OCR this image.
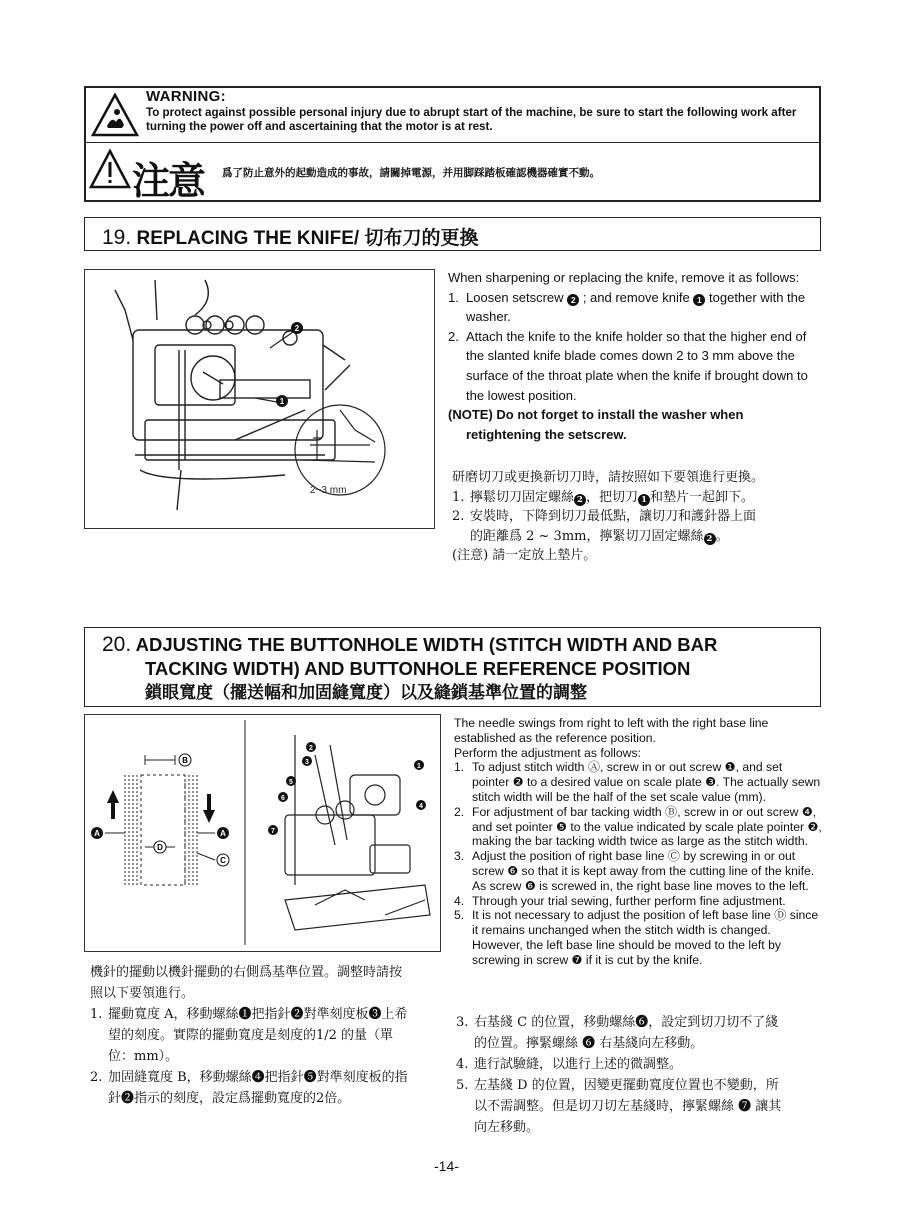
WARNING:
To protect against possible personal injury due to abrupt start of the machine, be sure to start the following work after turning the power off and ascertaining that the motor is at rest.
注意 爲了防止意外的起動造成的事故，請關掉電源，并用脚踩踏板確認機器確實不動。
19. REPLACING THE KNIFE/ 切布刀的更換
2
1
2~3 mm
When sharpening or replacing the knife, remove it as follows:
1. Loosen setscrew 2 ; and remove knife 1 together with the washer.
2. Attach the knife to the knife holder so that the higher end of the slanted knife blade comes down 2 to 3 mm above the surface of the throat plate when the knife if brought down to the lowest position.
(NOTE) Do not forget to install the washer when retightening the setscrew.
研磨切刀或更換新切刀時，請按照如下要領進行更換。
1. 擰鬆切刀固定螺絲 2 ，把切刀 1 和墊片一起卸下。
2. 安裝時，下降到切刀最低點，讓切刀和護針器上面
的距離爲 2 ~ 3mm，擰緊切刀固定螺絲 2 。
(注意) 請一定放上墊片。
20. ADJUSTING THE BUTTONHOLE WIDTH (STITCH WIDTH AND BAR
TACKING WIDTH) AND BUTTONHOLE REFERENCE POSITION
鎖眼寬度（擺送幅和加固縫寬度）以及縫鎖基準位置的調整
B
A	A
D
C
2
3
5
6
1
4
7
The needle swings from right to left with the right base line established as the reference position.
Perform the adjustment as follows:
1. To adjust stitch width Ⓐ, screw in or out screw ❶, and set pointer ❷ to a desired value on scale plate ❸. The actually sewn stitch width will be the half of the set scale value (mm).
2. For adjustment of bar tacking width Ⓑ, screw in or out screw ❹, and set pointer ❺ to the value indicated by scale plate pointer ❷, making the bar tacking width twice as large as the stitch width.
3. Adjust the position of right base line Ⓒ by screwing in or out screw ❻ so that it is kept away from the cutting line of the knife. As screw ❻ is screwed in, the right base line moves to the left.
4. Through your trial sewing, further perform fine adjustment.
5. It is not necessary to adjust the position of left base line Ⓓ since it remains unchanged when the stitch width is changed. However, the left base line should be moved to the left by screwing in screw ❼ if it is cut by the knife.
機針的擺動以機針擺動的右側爲基準位置。調整時請按照以下要領進行。
1. 擺動寬度 A，移動螺絲❶把指針❷對準刻度板❸上希望的刻度。實際的擺動寬度是刻度的1/2 的量（單位：mm）。
2. 加固縫寬度 B，移動螺絲❹把指針❺對準刻度板的指針❷指示的刻度，設定爲擺動寬度的2倍。
3. 右基綫 C 的位置，移動螺絲❻，設定到切刀切不了綫的位置。擰緊螺絲 ❻ 右基綫向左移動。
4. 進行試驗縫，以進行上述的微調整。
5. 左基綫 D 的位置，因變更擺動寬度位置也不變動，所以不需調整。但是切刀切左基綫時，擰緊螺絲 ❼ 讓其向左移動。
-14-
